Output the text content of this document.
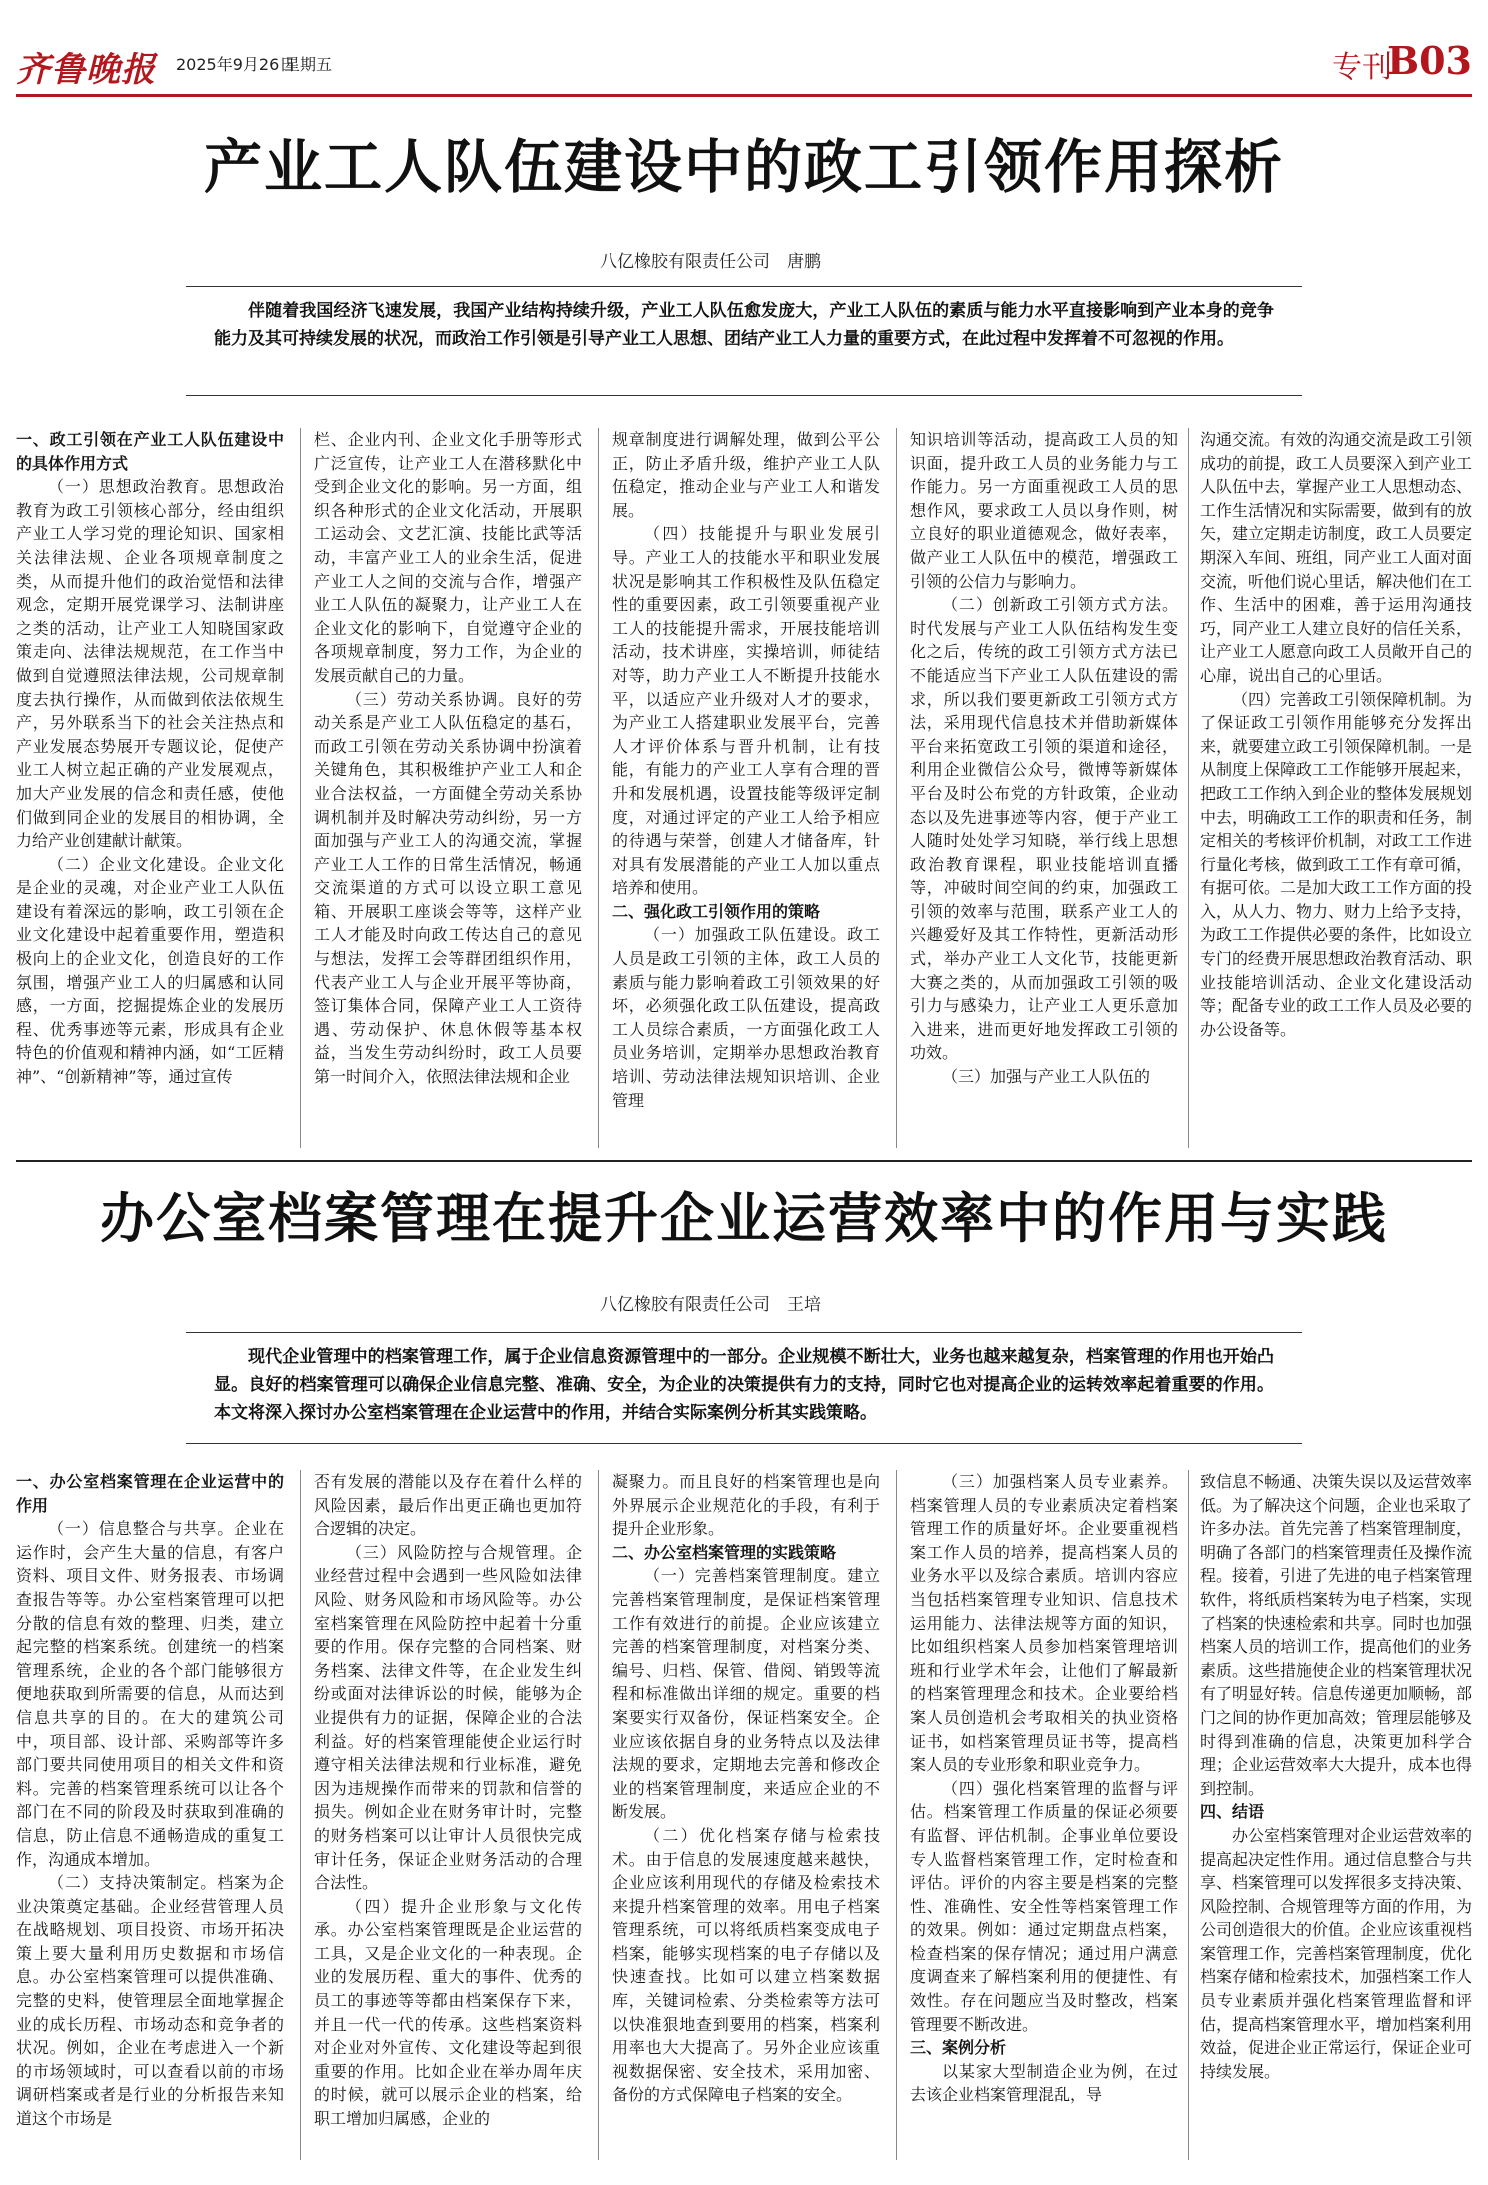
齐鲁晚报 2025年9月26日
星期五	专刊
B03
产业工人队伍建设中的政工引领作用探析
八亿橡胶有限责任公司　唐鹏
伴随着我国经济飞速发展，我国产业结构持续升级，产业工人队伍愈发庞大，产业工人队伍的素质与能力水平直接影响到产业本身的竞争能力及其可持续发展的状况，而政治工作引领是引导产业工人思想、团结产业工人力量的重要方式，在此过程中发挥着不可忽视的作用。

一、政工引领在产业工人队伍建设中的具体作用方式

（一）思想政治教育。思想政治教育为政工引领核心部分，经由组织产业工人学习党的理论知识、国家相关法律法规、企业各项规章制度之类，从而提升他们的政治觉悟和法律观念，定期开展党课学习、法制讲座之类的活动，让产业工人知晓国家政策走向、法律法规规范，在工作当中做到自觉遵照法律法规，公司规章制度去执行操作，从而做到依法依规生产，另外联系当下的社会关注热点和产业发展态势展开专题议论，促使产业工人树立起正确的产业发展观点，加大产业发展的信念和责任感，使他们做到同企业的发展目的相协调，全力给产业创建献计献策。

（二）企业文化建设。企业文化是企业的灵魂，对企业产业工人队伍建设有着深远的影响，政工引领在企业文化建设中起着重要作用，塑造积极向上的企业文化，创造良好的工作氛围，增强产业工人的归属感和认同感，一方面，挖掘提炼企业的发展历程、优秀事迹等元素，形成具有企业特色的价值观和精神内涵，如“工匠精神”、“创新精神”等，通过宣传

栏、企业内刊、企业文化手册等形式广泛宣传，让产业工人在潜移默化中受到企业文化的影响。另一方面，组织各种形式的企业文化活动，开展职工运动会、文艺汇演、技能比武等活动，丰富产业工人的业余生活，促进产业工人之间的交流与合作，增强产业工人队伍的凝聚力，让产业工人在企业文化的影响下，自觉遵守企业的各项规章制度，努力工作，为企业的发展贡献自己的力量。

（三）劳动关系协调。良好的劳动关系是产业工人队伍稳定的基石，而政工引领在劳动关系协调中扮演着关键角色，其积极维护产业工人和企业合法权益，一方面健全劳动关系协调机制并及时解决劳动纠纷，另一方面加强与产业工人的沟通交流，掌握产业工人工作的日常生活情况，畅通交流渠道的方式可以设立职工意见箱、开展职工座谈会等等，这样产业工人才能及时向政工传达自己的意见与想法，发挥工会等群团组织作用，代表产业工人与企业开展平等协商，签订集体合同，保障产业工人工资待遇、劳动保护、休息休假等基本权益，当发生劳动纠纷时，政工人员要第一时间介入，依照法律法规和企业

规章制度进行调解处理，做到公平公正，防止矛盾升级，维护产业工人队伍稳定，推动企业与产业工人和谐发展。

（四）技能提升与职业发展引导。产业工人的技能水平和职业发展状况是影响其工作积极性及队伍稳定性的重要因素，政工引领要重视产业工人的技能提升需求，开展技能培训活动，技术讲座，实操培训，师徒结对等，助力产业工人不断提升技能水平，以适应产业升级对人才的要求，为产业工人搭建职业发展平台，完善人才评价体系与晋升机制，让有技能，有能力的产业工人享有合理的晋升和发展机遇，设置技能等级评定制度，对通过评定的产业工人给予相应的待遇与荣誉，创建人才储备库，针对具有发展潜能的产业工人加以重点培养和使用。

二、强化政工引领作用的策略

（一）加强政工队伍建设。政工人员是政工引领的主体，政工人员的素质与能力影响着政工引领效果的好坏，必须强化政工队伍建设，提高政工人员综合素质，一方面强化政工人员业务培训，定期举办思想政治教育培训、劳动法律法规知识培训、企业管理

知识培训等活动，提高政工人员的知识面，提升政工人员的业务能力与工作能力。另一方面重视政工人员的思想作风，要求政工人员以身作则，树立良好的职业道德观念，做好表率，做产业工人队伍中的模范，增强政工引领的公信力与影响力。

（二）创新政工引领方式方法。时代发展与产业工人队伍结构发生变化之后，传统的政工引领方式方法已不能适应当下产业工人队伍建设的需求，所以我们要更新政工引领方式方法，采用现代信息技术并借助新媒体平台来拓宽政工引领的渠道和途径，利用企业微信公众号，微博等新媒体平台及时公布党的方针政策，企业动态以及先进事迹等内容，便于产业工人随时处处学习知晓，举行线上思想政治教育课程，职业技能培训直播等，冲破时间空间的约束，加强政工引领的效率与范围，联系产业工人的兴趣爱好及其工作特性，更新活动形式，举办产业工人文化节，技能更新大赛之类的，从而加强政工引领的吸引力与感染力，让产业工人更乐意加入进来，进而更好地发挥政工引领的功效。

（三）加强与产业工人队伍的

沟通交流。有效的沟通交流是政工引领成功的前提，政工人员要深入到产业工人队伍中去，掌握产业工人思想动态、工作生活情况和实际需要，做到有的放矢，建立定期走访制度，政工人员要定期深入车间、班组，同产业工人面对面交流，听他们说心里话，解决他们在工作、生活中的困难，善于运用沟通技巧，同产业工人建立良好的信任关系，让产业工人愿意向政工人员敞开自己的心扉，说出自己的心里话。

（四）完善政工引领保障机制。为了保证政工引领作用能够充分发挥出来，就要建立政工引领保障机制。一是从制度上保障政工工作能够开展起来，把政工工作纳入到企业的整体发展规划中去，明确政工工作的职责和任务，制定相关的考核评价机制，对政工工作进行量化考核，做到政工工作有章可循，有据可依。二是加大政工工作方面的投入，从人力、物力、财力上给予支持，为政工工作提供必要的条件，比如设立专门的经费开展思想政治教育活动、职业技能培训活动、企业文化建设活动等；配备专业的政工工作人员及必要的办公设备等。

办公室档案管理在提升企业运营效率中的作用与实践
八亿橡胶有限责任公司　王培
现代企业管理中的档案管理工作，属于企业信息资源管理中的一部分。企业规模不断壮大，业务也越来越复杂，档案管理的作用也开始凸显。良好的档案管理可以确保企业信息完整、准确、安全，为企业的决策提供有力的支持，同时它也对提高企业的运转效率起着重要的作用。本文将深入探讨办公室档案管理在企业运营中的作用，并结合实际案例分析其实践策略。

一、办公室档案管理在企业运营中的作用

（一）信息整合与共享。企业在运作时，会产生大量的信息，有客户资料、项目文件、财务报表、市场调查报告等等。办公室档案管理可以把分散的信息有效的整理、归类，建立起完整的档案系统。创建统一的档案管理系统，企业的各个部门能够很方便地获取到所需要的信息，从而达到信息共享的目的。在大的建筑公司中，项目部、设计部、采购部等许多部门要共同使用项目的相关文件和资料。完善的档案管理系统可以让各个部门在不同的阶段及时获取到准确的信息，防止信息不通畅造成的重复工作，沟通成本增加。

（二）支持决策制定。档案为企业决策奠定基础。企业经营管理人员在战略规划、项目投资、市场开拓决策上要大量利用历史数据和市场信息。办公室档案管理可以提供准确、完整的史料，使管理层全面地掌握企业的成长历程、市场动态和竞争者的状况。例如，企业在考虑进入一个新的市场领域时，可以查看以前的市场调研档案或者是行业的分析报告来知道这个市场是

否有发展的潜能以及存在着什么样的风险因素，最后作出更正确也更加符合逻辑的决定。

（三）风险防控与合规管理。企业经营过程中会遇到一些风险如法律风险、财务风险和市场风险等。办公室档案管理在风险防控中起着十分重要的作用。保存完整的合同档案、财务档案、法律文件等，在企业发生纠纷或面对法律诉讼的时候，能够为企业提供有力的证据，保障企业的合法利益。好的档案管理能使企业运行时遵守相关法律法规和行业标准，避免因为违规操作而带来的罚款和信誉的损失。例如企业在财务审计时，完整的财务档案可以让审计人员很快完成审计任务，保证企业财务活动的合理合法性。

（四）提升企业形象与文化传承。办公室档案管理既是企业运营的工具，又是企业文化的一种表现。企业的发展历程、重大的事件、优秀的员工的事迹等等都由档案保存下来，并且一代一代的传承。这些档案资料对企业对外宣传、文化建设等起到很重要的作用。比如企业在举办周年庆的时候，就可以展示企业的档案，给职工增加归属感，企业的

凝聚力。而且良好的档案管理也是向外界展示企业规范化的手段，有利于提升企业形象。

二、办公室档案管理的实践策略

（一）完善档案管理制度。建立完善档案管理制度，是保证档案管理工作有效进行的前提。企业应该建立完善的档案管理制度，对档案分类、编号、归档、保管、借阅、销毁等流程和标准做出详细的规定。重要的档案要实行双备份，保证档案安全。企业应该依据自身的业务特点以及法律法规的要求，定期地去完善和修改企业的档案管理制度，来适应企业的不断发展。

（二）优化档案存储与检索技术。由于信息的发展速度越来越快，企业应该利用现代的存储及检索技术来提升档案管理的效率。用电子档案管理系统，可以将纸质档案变成电子档案，能够实现档案的电子存储以及快速查找。比如可以建立档案数据库，关键词检索、分类检索等方法可以快准狠地查到要用的档案，档案利用率也大大提高了。另外企业应该重视数据保密、安全技术，采用加密、备份的方式保障电子档案的安全。

（三）加强档案人员专业素养。档案管理人员的专业素质决定着档案管理工作的质量好坏。企业要重视档案工作人员的培养，提高档案人员的业务水平以及综合素质。培训内容应当包括档案管理专业知识、信息技术运用能力、法律法规等方面的知识，比如组织档案人员参加档案管理培训班和行业学术年会，让他们了解最新的档案管理理念和技术。企业要给档案人员创造机会考取相关的执业资格证书，如档案管理员证书等，提高档案人员的专业形象和职业竞争力。

（四）强化档案管理的监督与评估。档案管理工作质量的保证必须要有监督、评估机制。企事业单位要设专人监督档案管理工作，定时检查和评估。评价的内容主要是档案的完整性、准确性、安全性等档案管理工作的效果。例如：通过定期盘点档案，检查档案的保存情况；通过用户满意度调查来了解档案利用的便捷性、有效性。存在问题应当及时整改，档案管理要不断改进。

三、案例分析

以某家大型制造企业为例，在过去该企业档案管理混乱，导

致信息不畅通、决策失误以及运营效率低。为了解决这个问题，企业也采取了许多办法。首先完善了档案管理制度，明确了各部门的档案管理责任及操作流程。接着，引进了先进的电子档案管理软件，将纸质档案转为电子档案，实现了档案的快速检索和共享。同时也加强档案人员的培训工作，提高他们的业务素质。这些措施使企业的档案管理状况有了明显好转。信息传递更加顺畅，部门之间的协作更加高效；管理层能够及时得到准确的信息，决策更加科学合理；企业运营效率大大提升，成本也得到控制。

四、结语

办公室档案管理对企业运营效率的提高起决定性作用。通过信息整合与共享、档案管理可以发挥很多支持决策、风险控制、合规管理等方面的作用，为公司创造很大的价值。企业应该重视档案管理工作，完善档案管理制度，优化档案存储和检索技术，加强档案工作人员专业素质并强化档案管理监督和评估，提高档案管理水平，增加档案利用效益，促进企业正常运行，保证企业可持续发展。
